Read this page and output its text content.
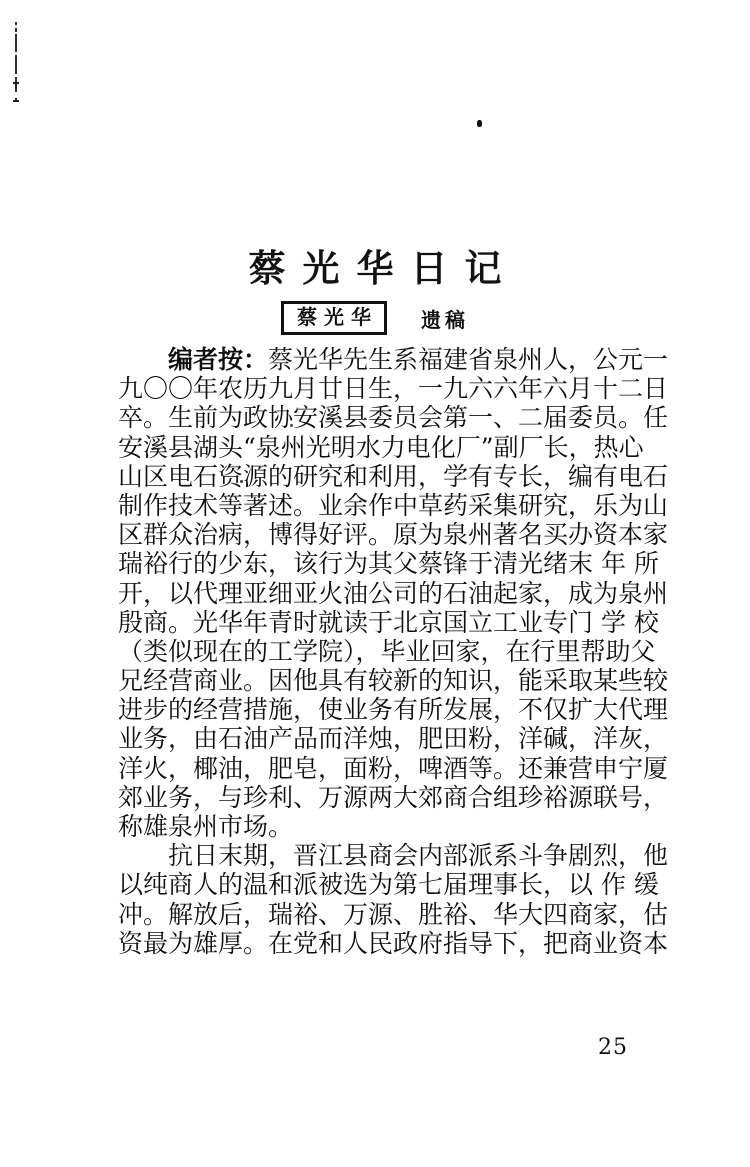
蔡光华日记
蔡光华	遗稿
编者按：蔡光华先生系福建省泉州人，公元一
九〇〇年农历九月廿日生，一九六六年六月十二日
卒。生前为政协安溪县委员会第一、二届委员。任
安溪县湖头“泉州光明水力电化厂”副厂长，热心
山区电石资源的研究和利用，学有专长，编有电石
制作技术等著述。业余作中草药采集研究，乐为山
区群众治病，博得好评。原为泉州著名买办资本家
瑞裕行的少东，该行为其父蔡锋于清光绪 末 年 所
开，以代理亚细亚火油公司的石油起家，成为泉州
殷商。光华年青时就读于北京国立工业专 门 学 校
（类似现在的工学院），毕业回家，在行里帮助父
兄经营商业。因他具有较新的知识，能采取某些较
进步的经营措施，使业务有所发展，不仅扩大代理
业务，由石油产品而洋烛，肥田粉，洋碱，洋灰，
洋火，椰油，肥皂，面粉，啤酒等。还兼营申宁厦
郊业务，与珍利、万源两大郊商合组珍裕源联号，
称雄泉州市场。
抗日末期，晋江县商会内部派系斗争剧烈，他
以纯商人的温和派被选为第七届理事 长，以 作 缓
冲。解放后，瑞裕、万源、胜裕、华大四商家，估
资最为雄厚。在党和人民政府指导下，把商业资本
25
